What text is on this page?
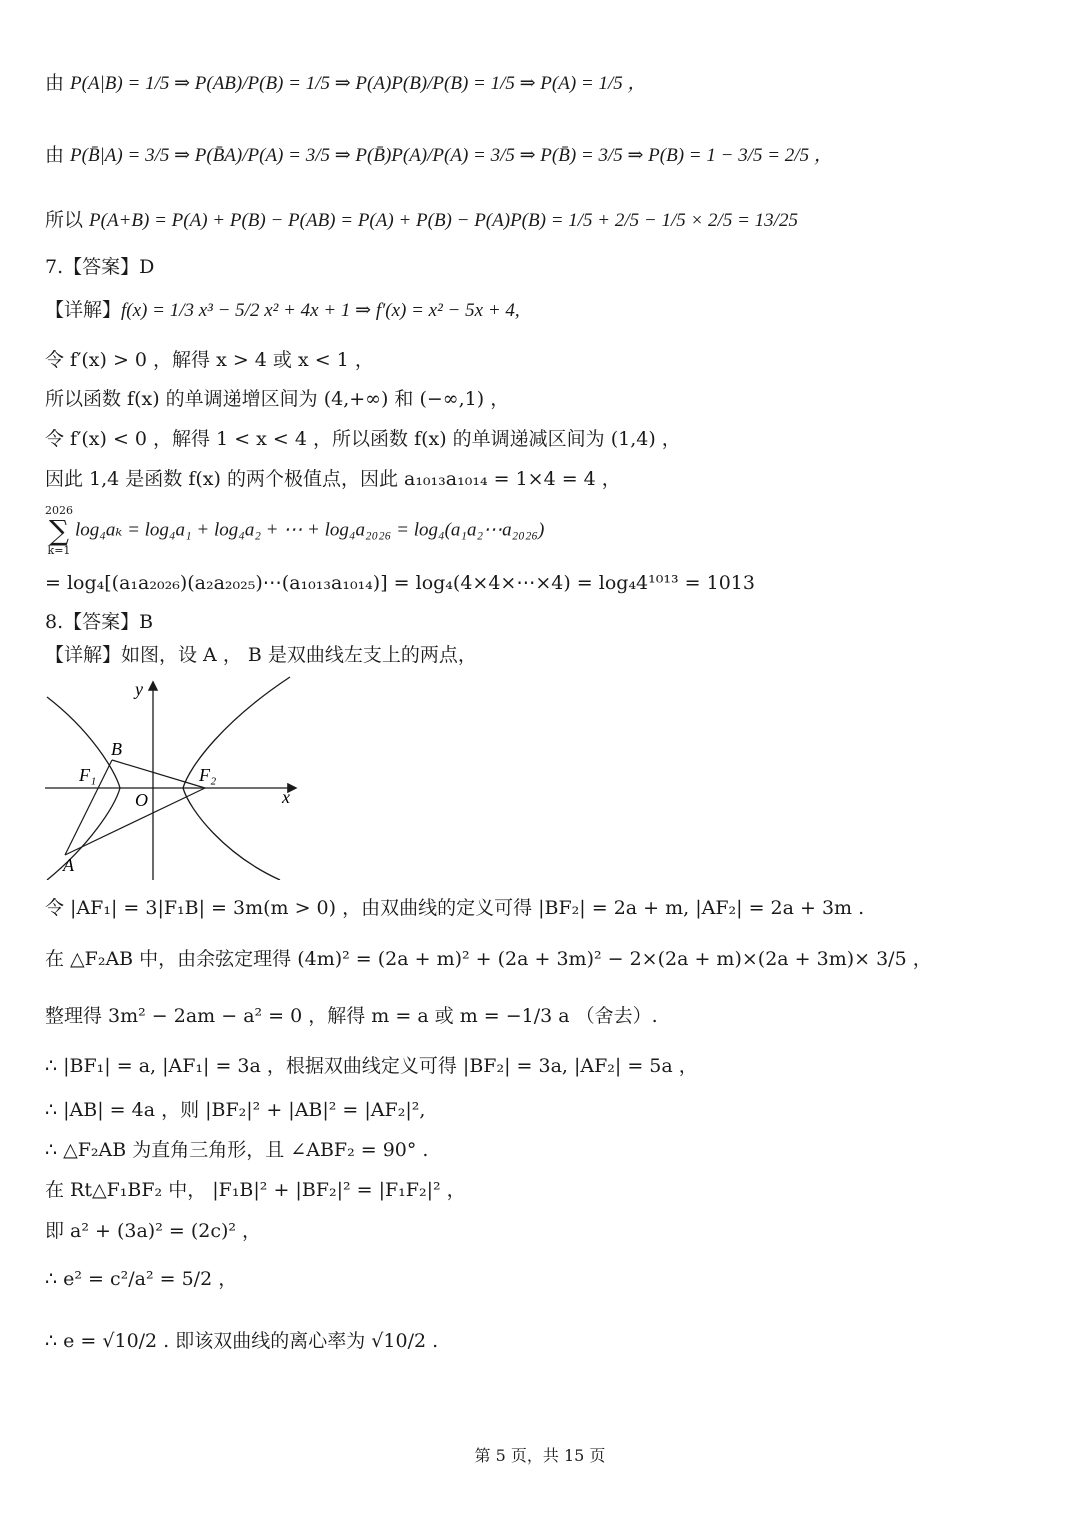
由 P(A|B) = 1/5 ⇒ P(AB)/P(B) = 1/5 ⇒ P(A)P(B)/P(B) = 1/5 ⇒ P(A) = 1/5 ，
由 P(B̄|A) = 3/5 ⇒ P(B̄A)/P(A) = 3/5 ⇒ P(B̄)P(A)/P(A) = 3/5 ⇒ P(B̄) = 3/5 ⇒ P(B) = 1 − 3/5 = 2/5 ，
所以 P(A+B) = P(A) + P(B) − P(AB) = P(A) + P(B) − P(A)P(B) = 1/5 + 2/5 − 1/5 × 2/5 = 13/25
7.【答案】D
【详解】f(x) = 1/3 x³ − 5/2 x² + 4x + 1 ⇒ f′(x) = x² − 5x + 4,
令 f′(x) > 0 ，解得 x > 4 或 x < 1 ，
所以函数 f(x) 的单调递增区间为 (4,+∞) 和 (−∞,1) ，
令 f′(x) < 0 ，解得 1 < x < 4 ，所以函数 f(x) 的单调递减区间为 (1,4) ，
因此 1,4 是函数 f(x) 的两个极值点，因此 a₁₀₁₃a₁₀₁₄ = 1×4 = 4 ，
2026
∑
k=1log₄aₖ = log₄a₁ + log₄a₂ + ⋯ + log₄a₂₀₂₆ = log₄(a₁a₂⋯a₂₀₂₆)
= log₄[(a₁a₂₀₂₆)(a₂a₂₀₂₅)⋯(a₁₀₁₃a₁₀₁₄)] = log₄(4×4×⋯×4) = log₄4¹⁰¹³ = 1013
8.【答案】B
【详解】如图，设 A ， B 是双曲线左支上的两点，
y
x
O
B
A
F₁	F₂
令 |AF₁| = 3|F₁B| = 3m(m > 0) ，由双曲线的定义可得 |BF₂| = 2a + m, |AF₂| = 2a + 3m .
在 △F₂AB 中，由余弦定理得 (4m)² = (2a + m)² + (2a + 3m)² − 2×(2a + m)×(2a + 3m)× 3/5 ，
整理得 3m² − 2am − a² = 0 ，解得 m = a 或 m = −1/3 a （舍去）.
∴ |BF₁| = a, |AF₁| = 3a ，根据双曲线定义可得 |BF₂| = 3a, |AF₂| = 5a ，
∴ |AB| = 4a ，则 |BF₂|² + |AB|² = |AF₂|²,
∴ △F₂AB 为直角三角形，且 ∠ABF₂ = 90° .
在 Rt△F₁BF₂ 中， |F₁B|² + |BF₂|² = |F₁F₂|² ，
即 a² + (3a)² = (2c)² ，
∴ e² = c²/a² = 5/2 ，
∴ e = √10/2 . 即该双曲线的离心率为 √10/2 .
第 5 页，共 15 页
